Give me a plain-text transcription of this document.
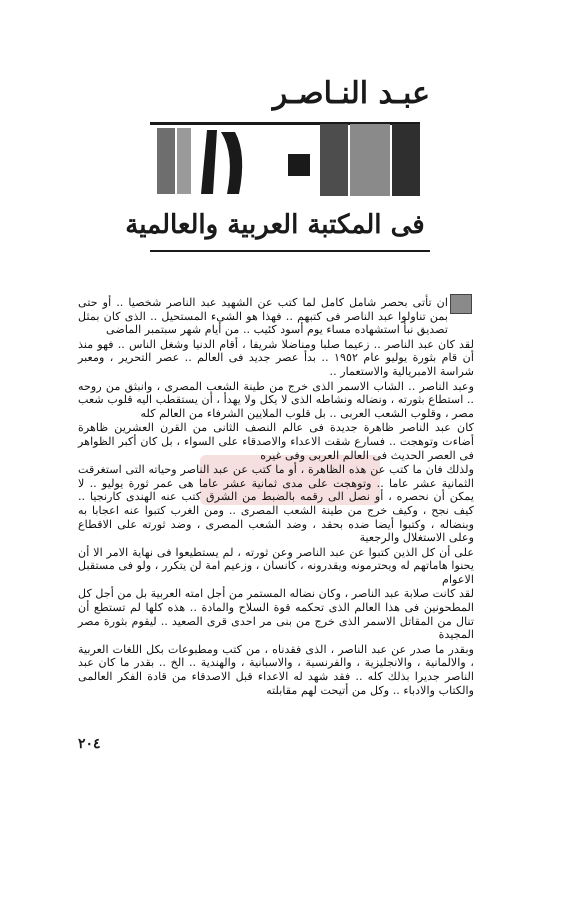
عبـد النـاصـر
فى المكتبة العربية والعالمية

ان تأتى بحصر شامل كامل لما كتب عن الشهيد عبد الناصر شخصيا .. أو حتى بمن تناولوا عبد الناصر فى كتبهم .. فهذا هو الشىء المستحيل .. الذى كان بمثل تصديق نبأ استشهاده مساء يوم أسود كئيب .. من أيام شهر سبتمبر الماضى

لقد كان عبد الناصر .. زعيما صلبا ومناضلا شريفا ، أقام الدنيا وشغل الناس .. فهو منذ أن قام بثورة يوليو عام ١٩٥٢ .. بدأ عصر جديد فى العالم .. عصر التحرير ، ومعبر شراسة الامبريالية والاستعمار ..

وعبد الناصر .. الشاب الاسمر الذى خرج من طينة الشعب المصرى ، وانبثق من روحه .. استطاع بثورته ، ونضاله ونشاطه الذى لا يكل ولا يهدأ ، أن يستقطب اليه قلوب شعب مصر ، وقلوب الشعب العربى .. بل قلوب الملايين الشرفاء من العالم كله

كان عبد الناصر ظاهرة جديدة فى عالم النصف الثانى من القرن العشرين ظاهرة أضاءت وتوهجت .. فسارع شقت الاعداء والاصدقاء على السواء ، بل كان أكبر الظواهر فى العصر الحديث فى العالم العربى وفى غيره

ولذلك فان ما كتب عن هذه الظاهرة ، أو ما كتب عن عبد الناصر وحياته التى استغرقت الثمانية عشر عاما .. وتوهجت على مدى ثمانية عشر عاما هى عمر ثورة يوليو .. لا يمكن أن نحصره ، أو نصل الى رقمه بالضبط من الشرق كتب عنه الهندى كارنجيا .. كيف نجح ، وكيف خرج من طينة الشعب المصرى .. ومن الغرب كتبوا عنه اعجابا به وبنضاله ، وكتبوا أيضا ضده بحقد ، وضد الشعب المصرى ، وضد ثورته على الاقطاع وعلى الاستغلال والرجعية

على أن كل الذين كتبوا عن عبد الناصر وعن ثورته ، لم يستطيعوا فى نهاية الامر الا أن يحنوا هاماتهم له ويحترمونه ويقدرونه ، كانسان ، وزعيم امة لن يتكرر ، ولو فى مستقبل الاعوام

لقد كانت صلابة عبد الناصر ، وكان نضاله المستمر من أجل امته العربية بل من أجل كل المطحونين فى هذا العالم الذى تحكمه قوة السلاح والمادة .. هذه كلها لم تستطع أن تنال من المقاتل الاسمر الذى خرج من بنى مر احدى قرى الصعيد .. ليقوم بثورة مصر المجيدة

وبقدر ما صدر عن عبد الناصر ، الذى فقدناه ، من كتب ومطبوعات بكل اللغات العربية ، والالمانية ، والانجليزية ، والفرنسية ، والاسبانية ، والهندية .. الخ .. بقدر ما كان عبد الناصر جديرا بذلك كله .. فقد شهد له الاعداء قبل الاصدقاء من قادة الفكر العالمى والكتاب والادباء .. وكل من أتيحت لهم مقابلته

٢٠٤
